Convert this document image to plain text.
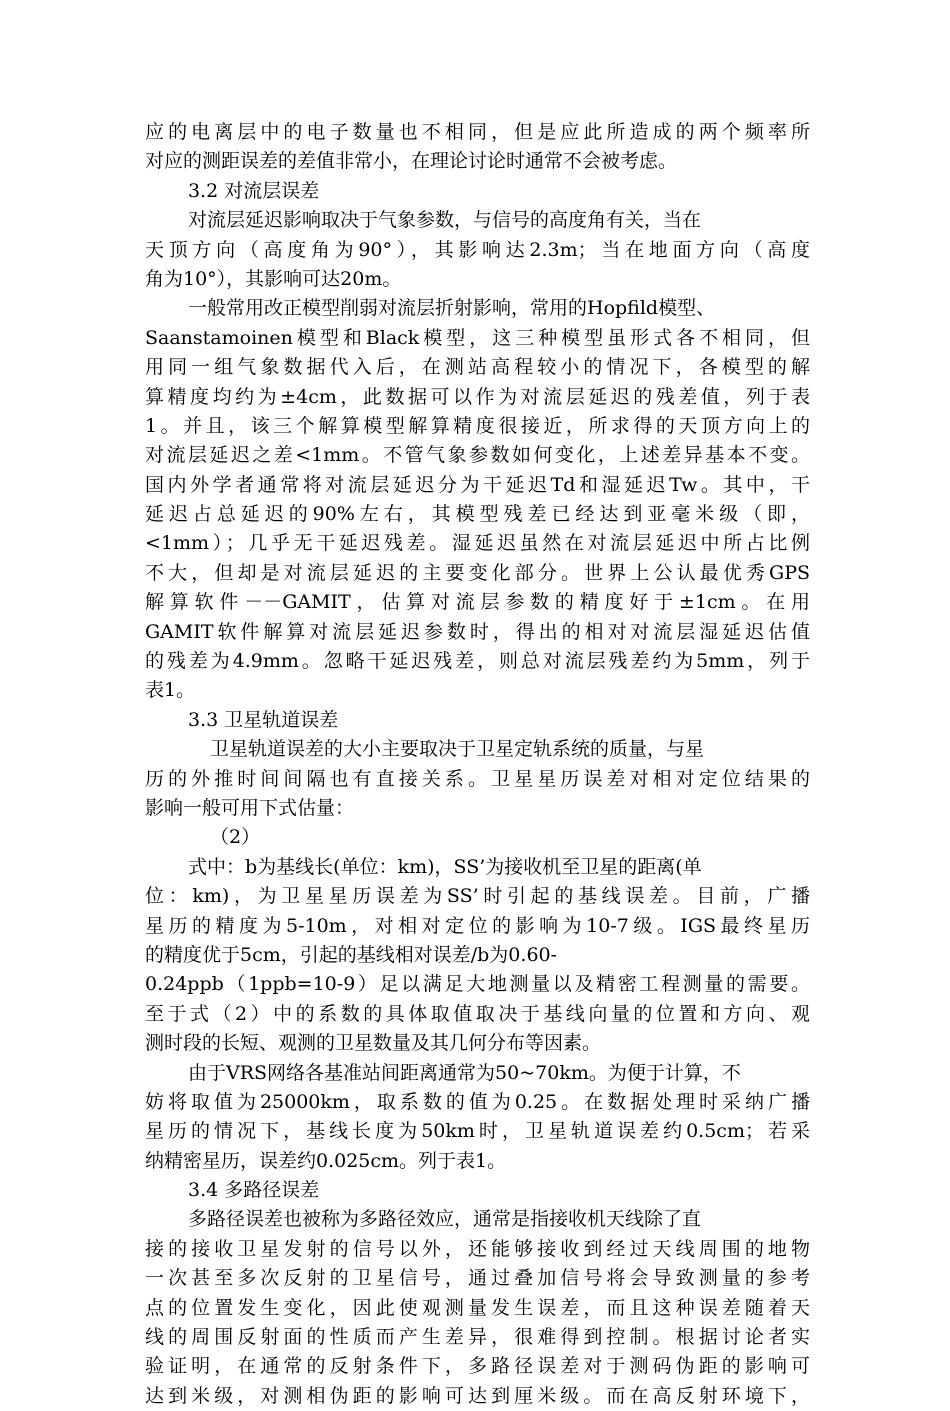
应的电离层中的电子数量也不相同，但是应此所造成的两个频率所
对应的测距误差的差值非常小，在理论讨论时通常不会被考虑。
3.2 对流层误差
对流层延迟影响取决于气象参数，与信号的高度角有关，当在
天顶方向（高度角为90°），其影响达2.3m；当在地面方向（高度
角为10°），其影响可达20m。
一般常用改正模型削弱对流层折射影响，常用的Hopfild模型、
Saanstamoinen模型和Black模型，这三种模型虽形式各不相同，但
用同一组气象数据代入后，在测站高程较小的情况下，各模型的解
算精度均约为±4cm，此数据可以作为对流层延迟的残差值，列于表
1。并且，该三个解算模型解算精度很接近，所求得的天顶方向上的
对流层延迟之差<1mm。不管气象参数如何变化，上述差异基本不变。
国内外学者通常将对流层延迟分为干延迟Td和湿延迟Tw。其中，干
延迟占总延迟的90%左右，其模型残差已经达到亚毫米级（即，
<1mm）；几乎无干延迟残差。湿延迟虽然在对流层延迟中所占比例
不大，但却是对流层延迟的主要变化部分。世界上公认最优秀GPS
解算软件－－GAMIT，估算对流层参数的精度好于±1cm。在用
GAMIT软件解算对流层延迟参数时，得出的相对对流层湿延迟估值
的残差为4.9mm。忽略干延迟残差，则总对流层残差约为5mm，列于
表1。
3.3 卫星轨道误差
卫星轨道误差的大小主要取决于卫星定轨系统的质量，与星
历的外推时间间隔也有直接关系。卫星星历误差对相对定位结果的
影响一般可用下式估量：
（2）
式中：b为基线长(单位：km)，SS’为接收机至卫星的距离(单
位：km)，为卫星星历误差为SS’时引起的基线误差。目前，广播
星历的精度为5-10m，对相对定位的影响为10-7级。IGS最终星历
的精度优于5cm，引起的基线相对误差/b为0.60-
0.24ppb（1ppb=10-9）足以满足大地测量以及精密工程测量的需要。
至于式（2）中的系数的具体取值取决于基线向量的位置和方向、观
测时段的长短、观测的卫星数量及其几何分布等因素。
由于VRS网络各基准站间距离通常为50~70km。为便于计算，不
妨将取值为25000km，取系数的值为0.25。在数据处理时采纳广播
星历的情况下，基线长度为50km时，卫星轨道误差约0.5cm；若采
纳精密星历，误差约0.025cm。列于表1。
3.4 多路径误差
多路径误差也被称为多路径效应，通常是指接收机天线除了直
接的接收卫星发射的信号以外，还能够接收到经过天线周围的地物
一次甚至多次反射的卫星信号，通过叠加信号将会导致测量的参考
点的位置发生变化，因此使观测量发生误差，而且这种误差随着天
线的周围反射面的性质而产生差异，很难得到控制。根据讨论者实
验证明，在通常的反射条件下，多路径误差对于测码伪距的影响可
达到米级，对测相伪距的影响可达到厘米级。而在高反射环境下，
